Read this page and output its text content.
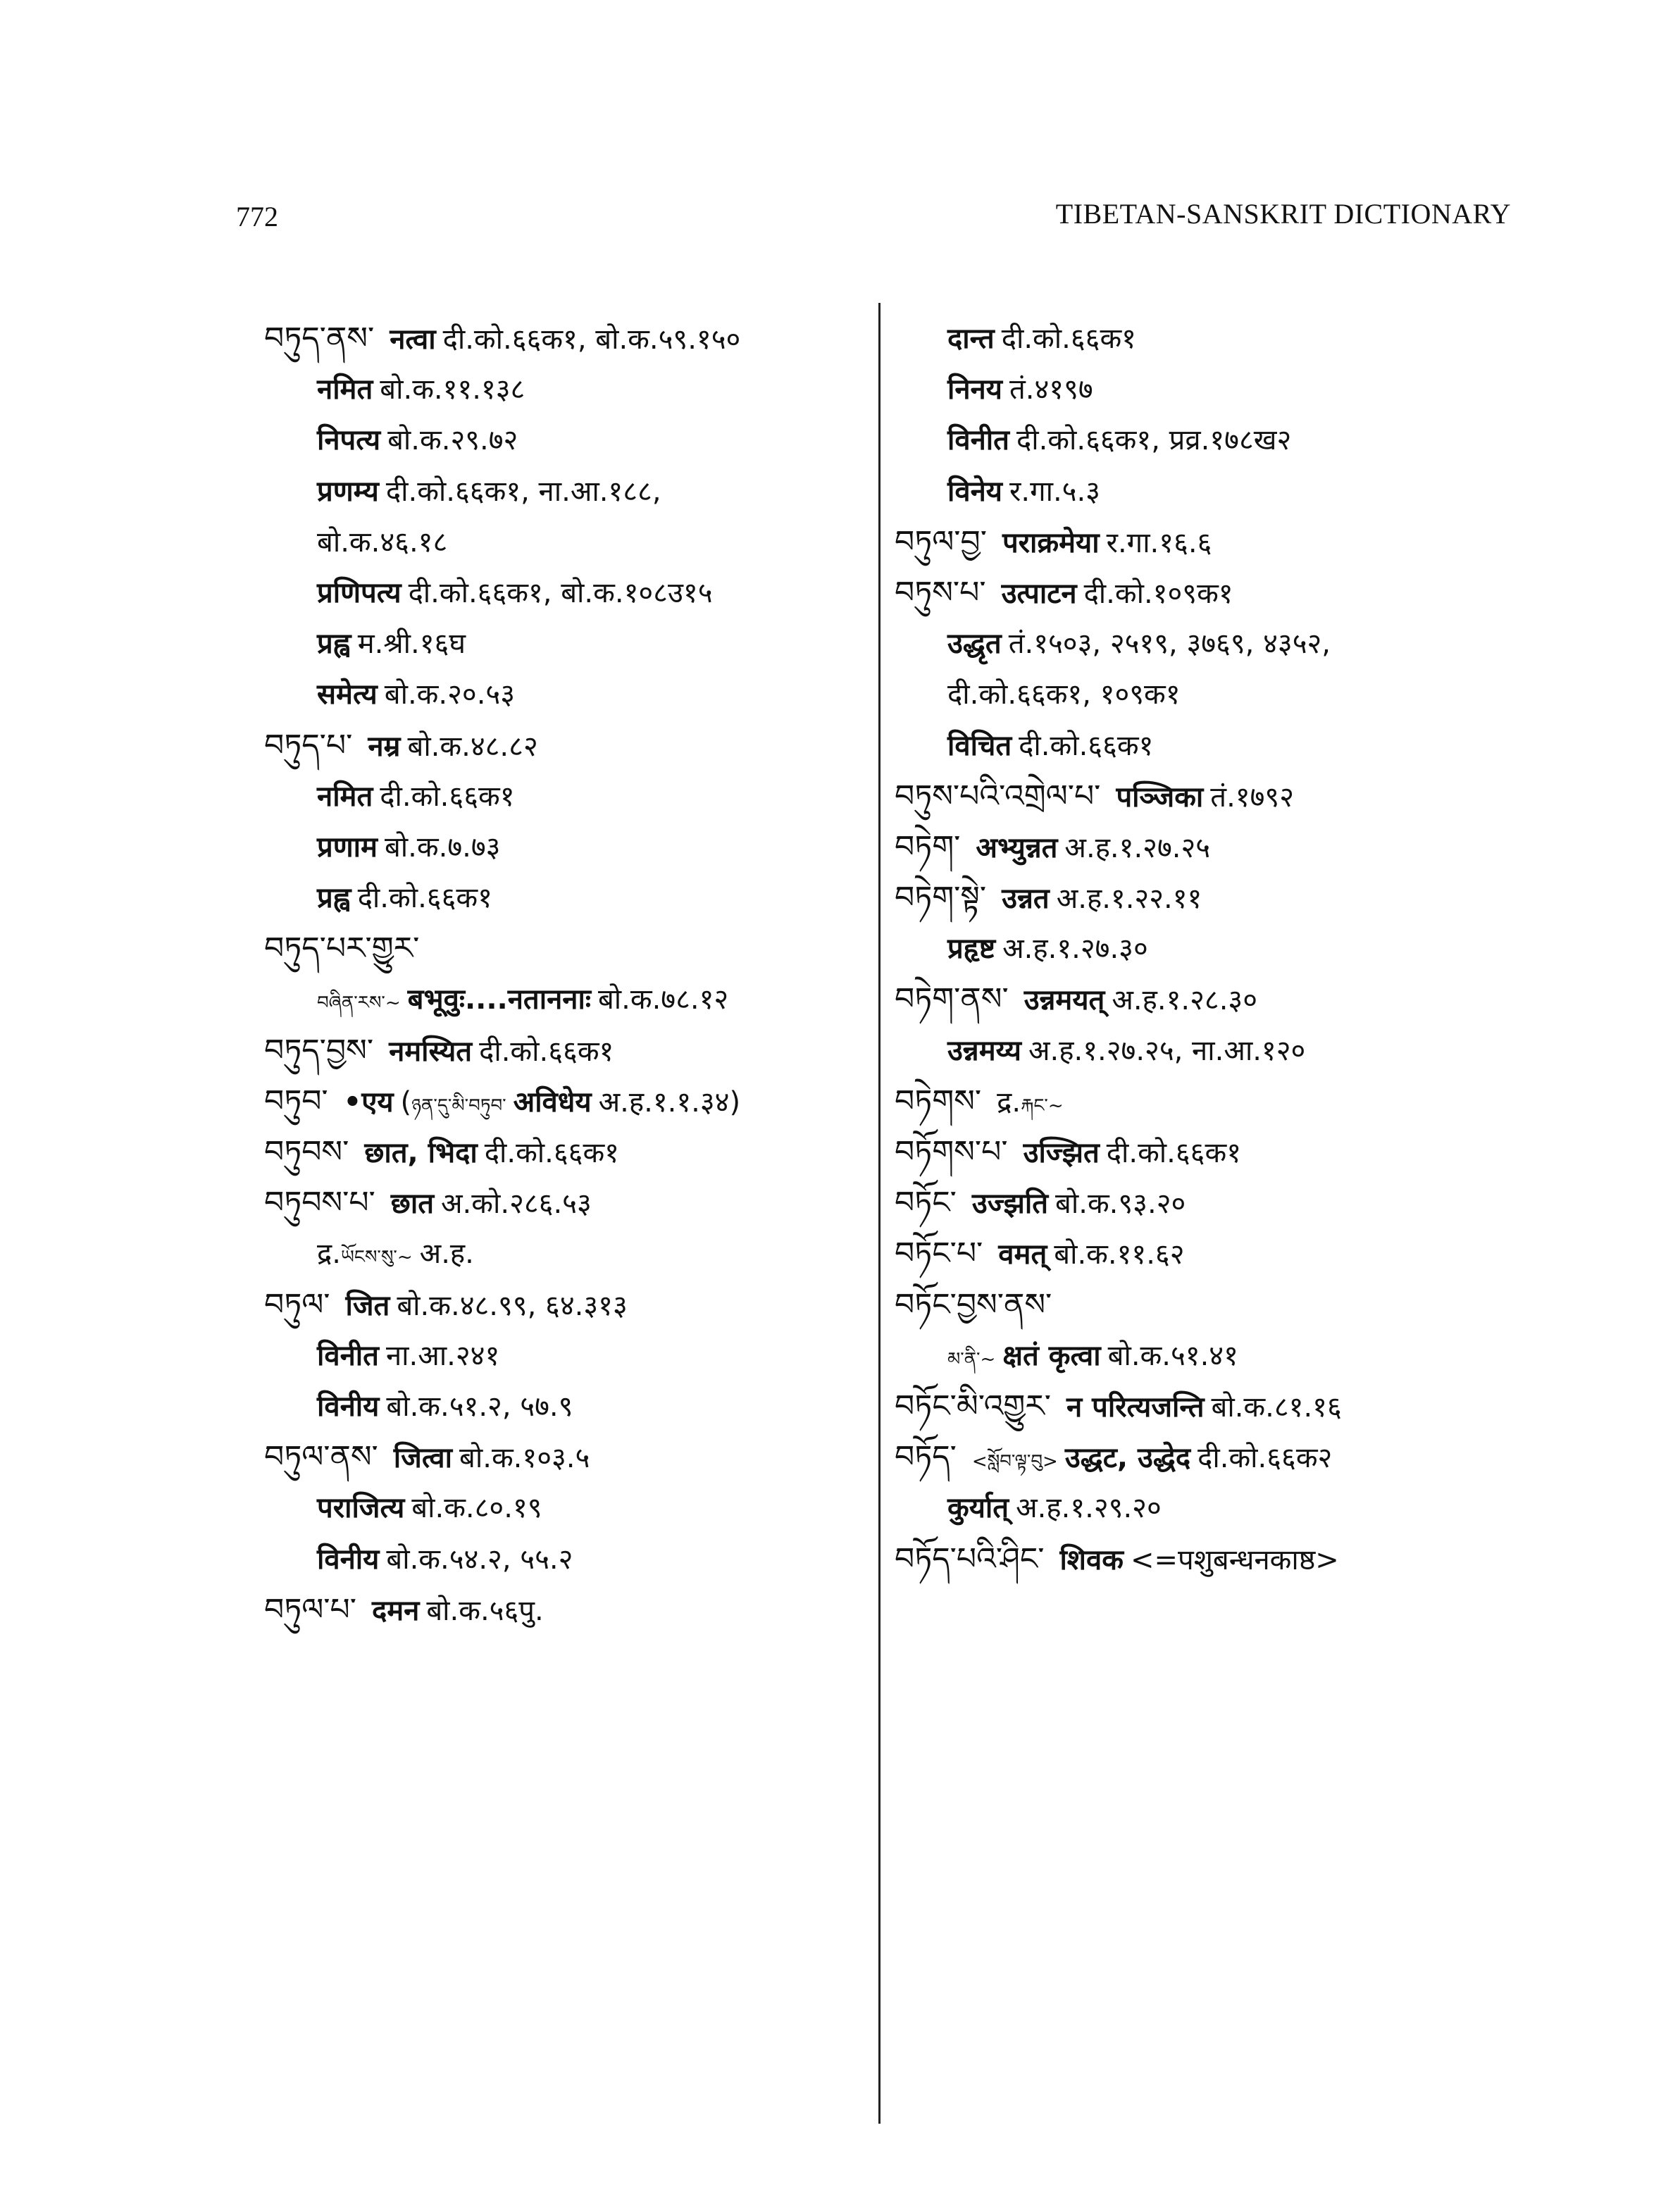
772	TIBETAN-SANSKRIT DICTIONARY
བཏུད་ནས་ नत्वा दी.को.६६क१, बो.क.५९.१५०
नमित बो.क.११.१३८
निपत्य बो.क.२९.७२
प्रणम्य दी.को.६६क१, ना.आ.१८८,
बो.क.४६.१८
प्रणिपत्य दी.को.६६क१, बो.क.१०८उ१५
प्रह्व म.श्री.१६घ
समेत्य बो.क.२०.५३
བཏུད་པ་ नम्र बो.क.४८.८२
नमित दी.को.६६क१
प्रणाम बो.क.७.७३
प्रह्व दी.को.६६क१
བཏུད་པར་གྱུར་
བཞིན་རས་~ बभूवुः....नताननाः बो.क.७८.१२
བཏུད་བྱས་ नमस्यित दी.को.६६क१
བཏུབ་ •एय (ཉན་དུ་མི་བཏུབ་ अविधेय अ.ह.१.१.३४)
བཏུབས་ छात, भिदा दी.को.६६क१
བཏུབས་པ་ छात अ.को.२८६.५३
द्र.ཡོངས་སུ་~ अ.ह.
བཏུལ་ जित बो.क.४८.९९, ६४.३१३
विनीत ना.आ.२४१
विनीय बो.क.५१.२, ५७.९
བཏུལ་ནས་ जित्वा बो.क.१०३.५
पराजित्य बो.क.८०.१९
विनीय बो.क.५४.२, ५५.२
བཏུལ་པ་ दमन बो.क.५६पु.
दान्त दी.को.६६क१
निनय तं.४१९७
विनीत दी.को.६६क१, प्रव्र.१७८ख२
विनेय र.गा.५.३
བཏུལ་བྱ་ पराक्रमेया र.गा.१६.६
བཏུས་པ་ उत्पाटन दी.को.१०९क१
उद्धृत तं.१५०३, २५१९, ३७६९, ४३५२,
दी.को.६६क१, १०९क१
विचित दी.को.६६क१
བཏུས་པའི་འགྲེལ་པ་ पञ्जिका तं.१७९२
བཏེག་ अभ्युन्नत अ.ह.१.२७.२५
བཏེག་སྟེ་ उन्नत अ.ह.१.२२.११
प्रहृष्ट अ.ह.१.२७.३०
བཏེག་ནས་ उन्नमयत् अ.ह.१.२८.३०
उन्नमय्य अ.ह.१.२७.२५, ना.आ.१२०
བཏེགས་ द्र.རྐང་~
བཏོགས་པ་ उज्झित दी.को.६६क१
བཏོང་ उज्झति बो.क.९३.२०
བཏོང་པ་ वमत् बो.क.११.६२
བཏོང་བྱས་ནས་
མ་ནི་~ क्षतं कृत्वा बो.क.५१.४१
བཏོང་མི་འགྱུར་ न परित्यजन्ति बो.क.८१.१६
བཏོད་ <སློབ་ལྟ་བུ> उद्धट, उद्धेद दी.को.६६क२
कुर्यात् अ.ह.१.२९.२०
བཏོད་པའི་ཤིང་ शिवक <=पशुबन्धनकाष्ठ>
